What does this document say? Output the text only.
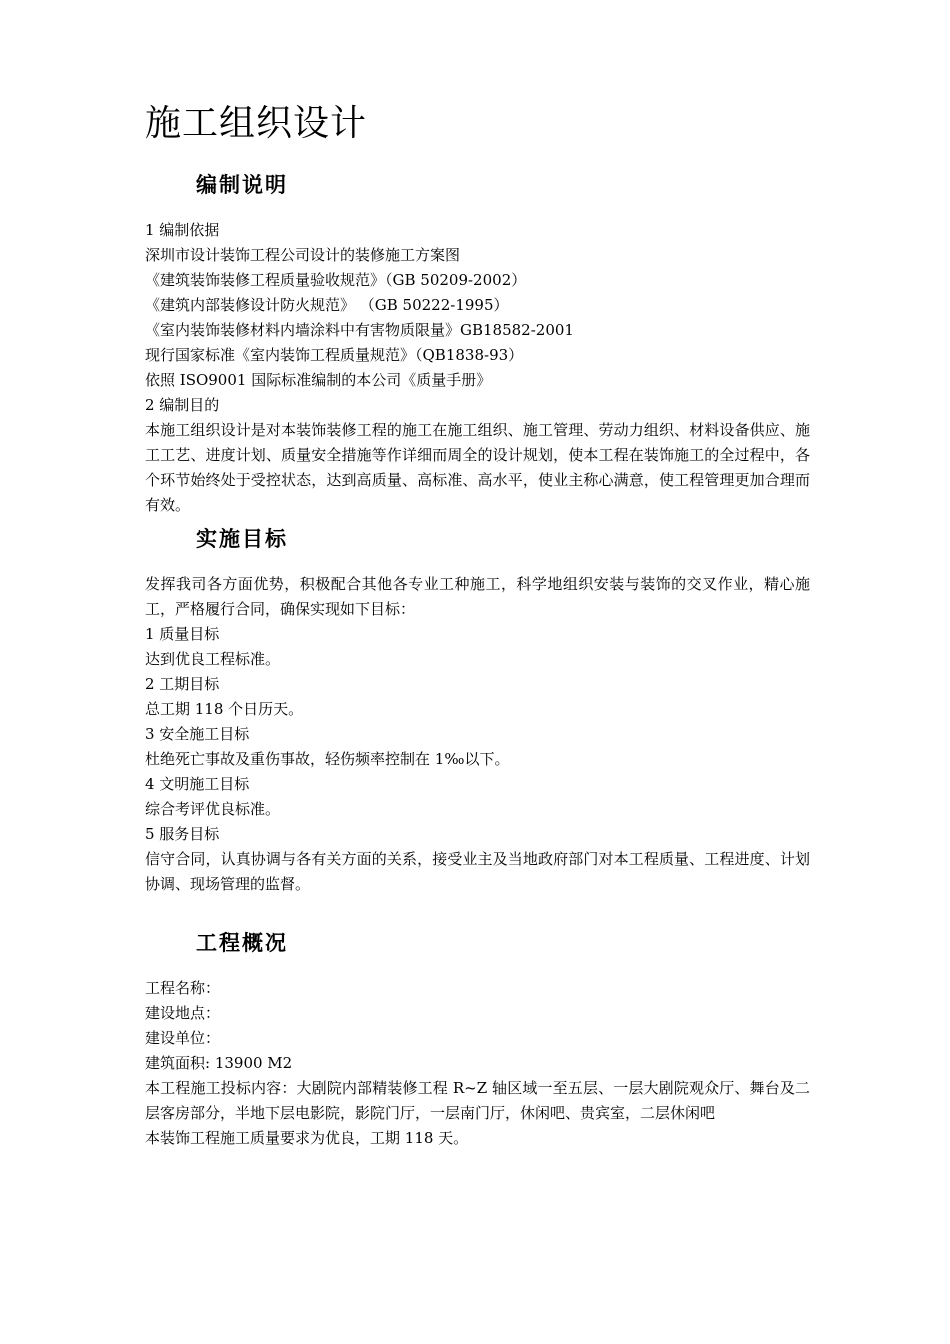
施工组织设计
编制说明

1 编制依据

深圳市设计装饰工程公司设计的装修施工方案图

《建筑装饰装修工程质量验收规范》（GB 50209-2002）

《建筑内部装修设计防火规范》 （GB 50222-1995）

《室内装饰装修材料内墙涂料中有害物质限量》GB18582-2001

现行国家标准《室内装饰工程质量规范》（QB1838-93）

依照 ISO9001 国际标准编制的本公司《质量手册》

2 编制目的

本施工组织设计是对本装饰装修工程的施工在施工组织、施工管理、劳动力组织、材料设备供应、施工工艺、进度计划、质量安全措施等作详细而周全的设计规划，使本工程在装饰施工的全过程中，各个环节始终处于受控状态，达到高质量、高标准、高水平，使业主称心满意，使工程管理更加合理而有效。

实施目标

发挥我司各方面优势，积极配合其他各专业工种施工，科学地组织安装与装饰的交叉作业，精心施工，严格履行合同，确保实现如下目标：

1 质量目标

达到优良工程标准。

2 工期目标

总工期 118 个日历天。

3 安全施工目标

杜绝死亡事故及重伤事故，轻伤频率控制在 1‰以下。

4 文明施工目标

综合考评优良标准。

5 服务目标

信守合同，认真协调与各有关方面的关系，接受业主及当地政府部门对本工程质量、工程进度、计划协调、现场管理的监督。

工程概况

工程名称：

建设地点：

建设单位：

建筑面积: 13900 M2

本工程施工投标内容：大剧院内部精装修工程 R~Z 轴区域一至五层、一层大剧院观众厅、舞台及二层客房部分，半地下层电影院，影院门厅，一层南门厅，休闲吧、贵宾室，二层休闲吧

本装饰工程施工质量要求为优良，工期 118 天。
